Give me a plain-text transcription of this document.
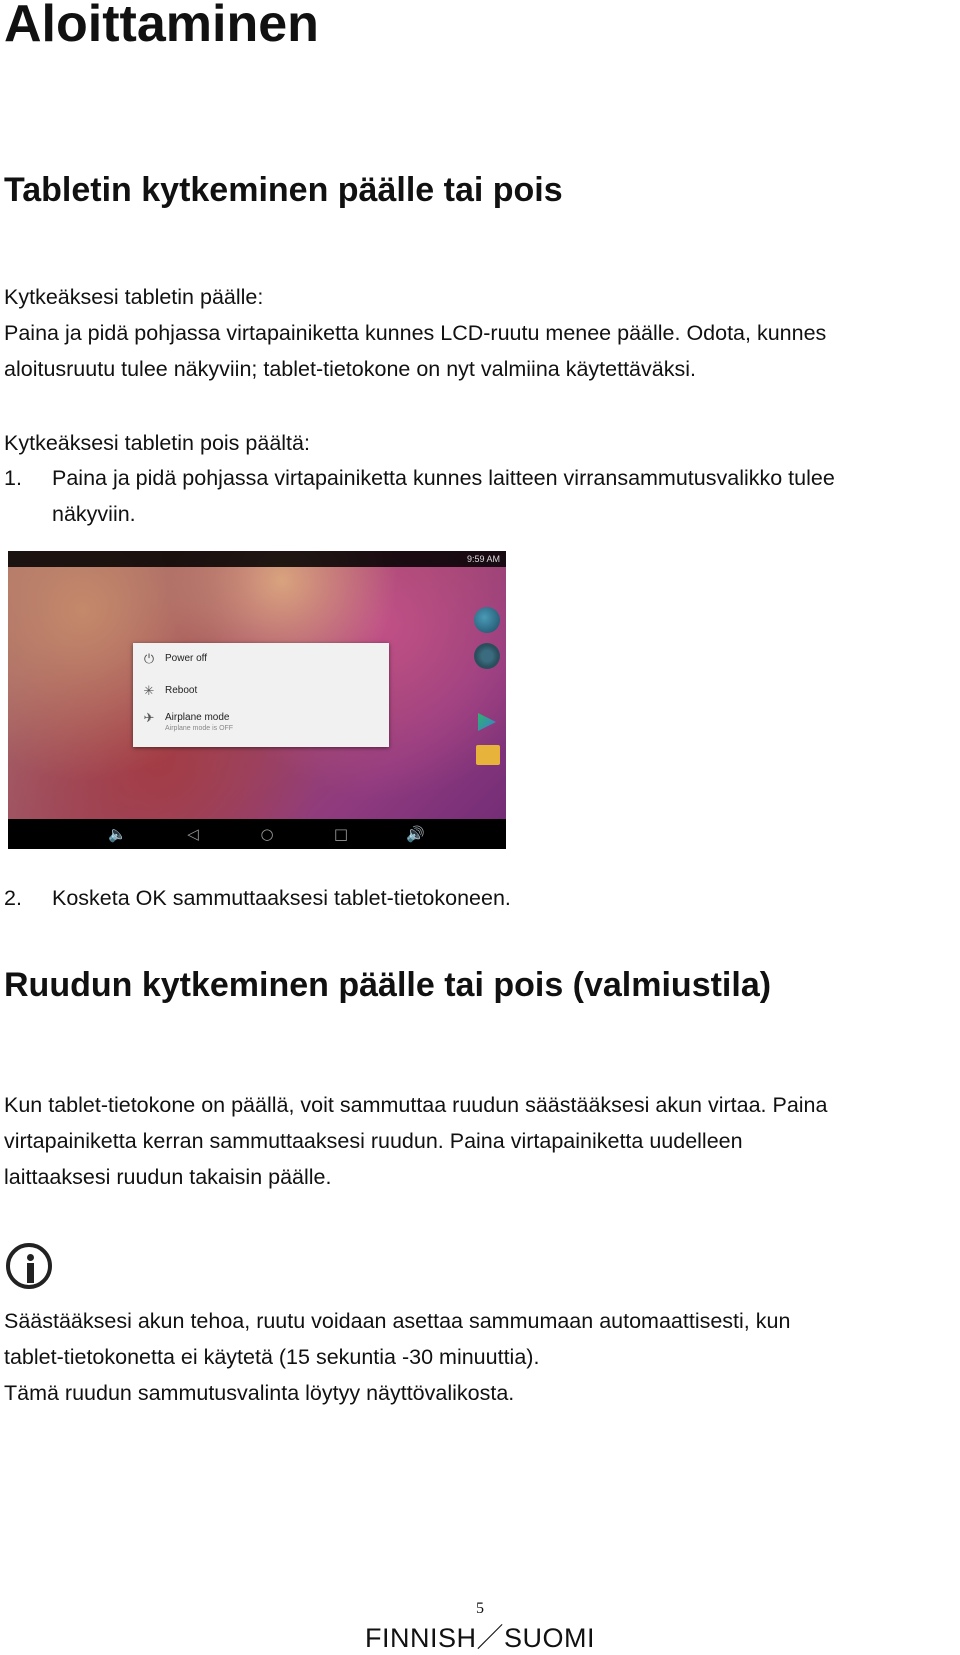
Aloittaminen
Tabletin kytkeminen päälle tai pois

Kytkeäksesi tabletin päälle:

Paina ja pidä pohjassa virtapainiketta kunnes LCD-ruutu menee päälle. Odota, kunnes

aloitusruutu tulee näkyviin; tablet-tietokone on nyt valmiina käytettäväksi.

Kytkeäksesi tabletin pois päältä:

1. Paina ja pidä pohjassa virtapainiketta kunnes laitteen virransammutusvalikko tulee

näkyviin.

9:59 AM
⏻ Power off
✳ Reboot
✈ Airplane mode
Airplane mode is OFF
🔈	◁	○	□	🔊
2. Kosketa OK sammuttaaksesi tablet-tietokoneen.

Ruudun kytkeminen päälle tai pois (valmiustila)

Kun tablet-tietokone on päällä, voit sammuttaa ruudun säästääksesi akun virtaa. Paina

virtapainiketta kerran sammuttaaksesi ruudun. Paina virtapainiketta uudelleen

laittaaksesi ruudun takaisin päälle.

Säästääksesi akun tehoa, ruutu voidaan asettaa sammumaan automaattisesti, kun

tablet-tietokonetta ei käytetä (15 sekuntia -30 minuuttia).

Tämä ruudun sammutusvalinta löytyy näyttövalikosta.

5
FINNISH／SUOMI
